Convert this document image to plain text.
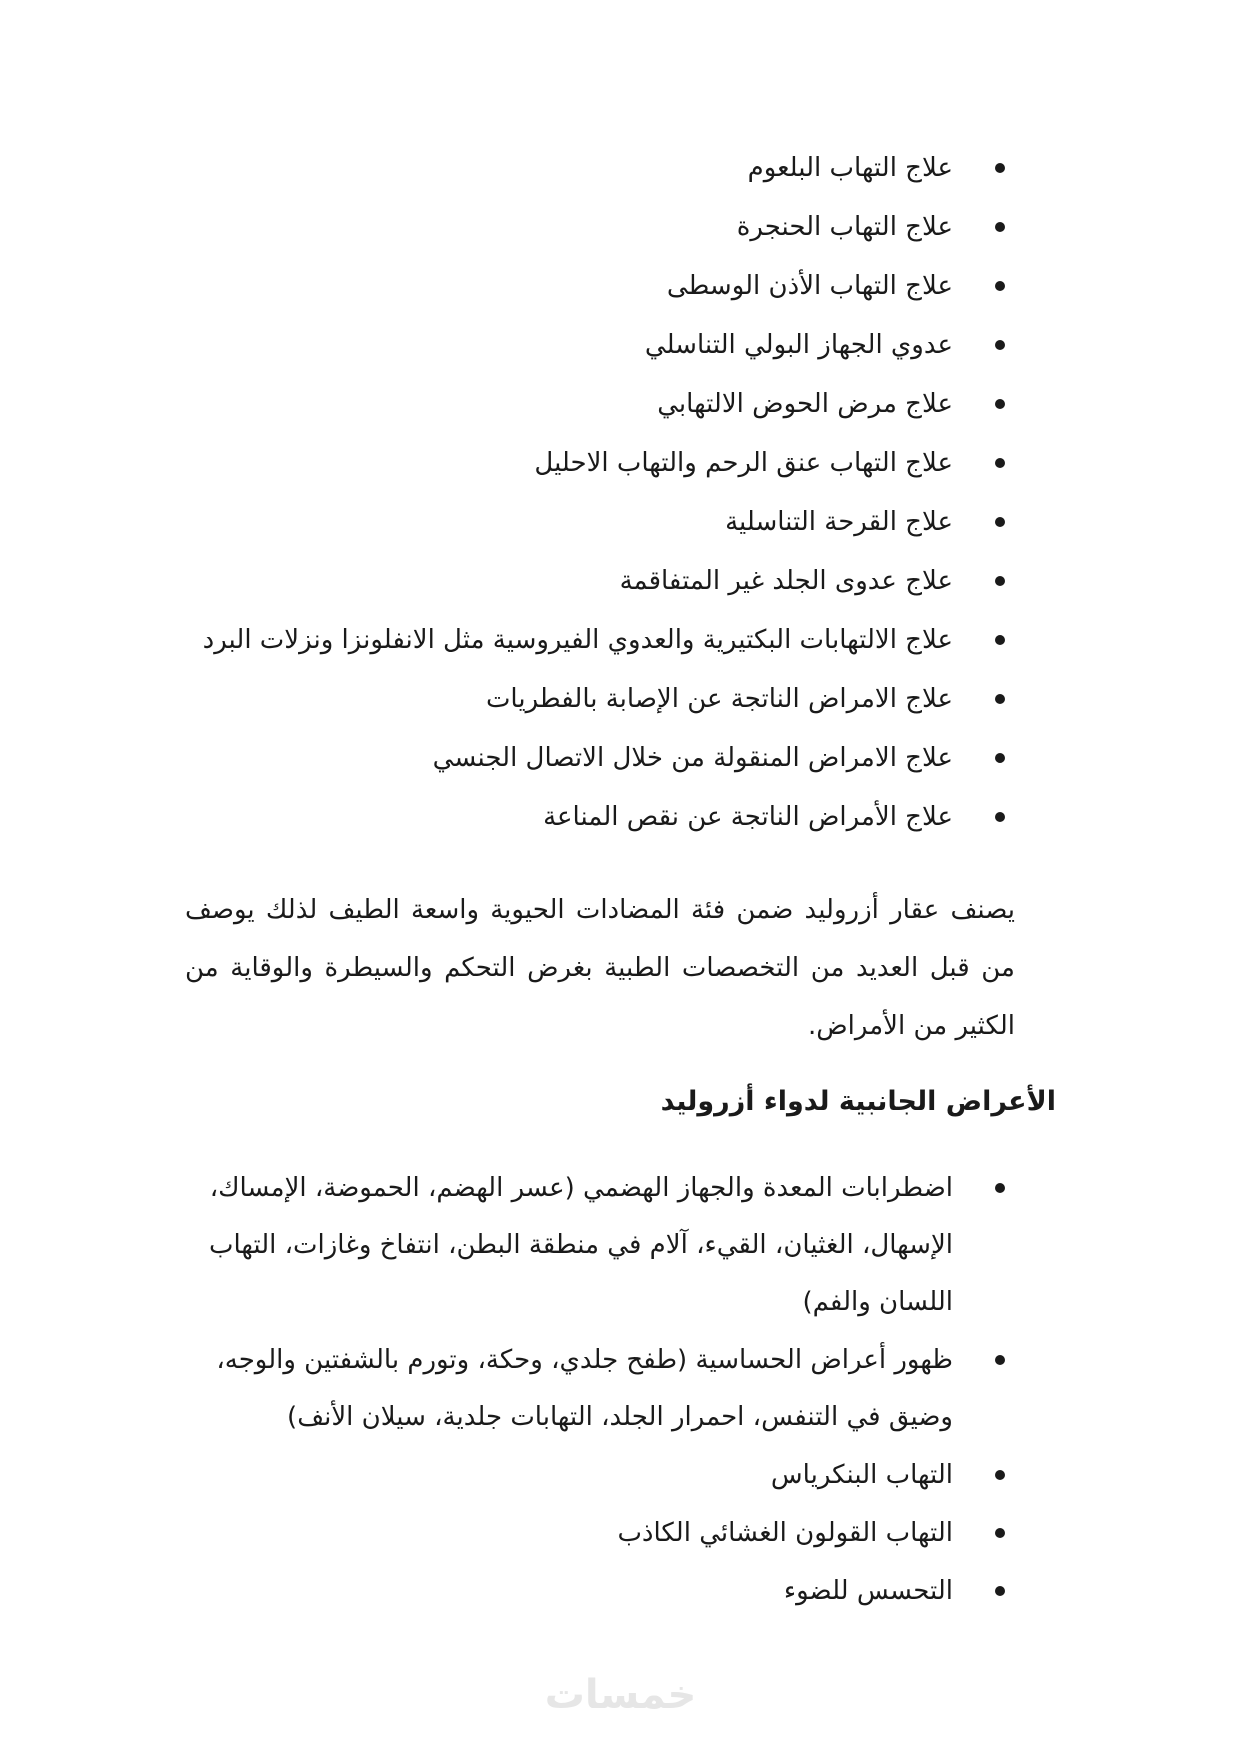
علاج التهاب البلعوم
علاج التهاب الحنجرة
علاج التهاب الأذن الوسطى
عدوي الجهاز البولي التناسلي
علاج مرض الحوض الالتهابي
علاج التهاب عنق الرحم والتهاب الاحليل
علاج القرحة التناسلية
علاج عدوى الجلد غير المتفاقمة
علاج الالتهابات البكتيرية والعدوي الفيروسية مثل الانفلونزا ونزلات البرد
علاج الامراض الناتجة عن الإصابة بالفطريات
علاج الامراض المنقولة من خلال الاتصال الجنسي
علاج الأمراض الناتجة عن نقص المناعة

يصنف عقار أزروليد ضمن فئة المضادات الحيوية واسعة الطيف لذلك يوصف من قبل العديد من التخصصات الطبية بغرض التحكم والسيطرة والوقاية من الكثير من الأمراض.

الأعراض الجانبية لدواء أزروليد
اضطرابات المعدة والجهاز الهضمي (عسر الهضم، الحموضة، الإمساك، الإسهال، الغثيان، القيء، آلام في منطقة البطن، انتفاخ وغازات، التهاب اللسان والفم)
ظهور أعراض الحساسية (طفح جلدي، وحكة، وتورم بالشفتين والوجه، وضيق في التنفس، احمرار الجلد، التهابات جلدية، سيلان الأنف)
التهاب البنكرياس
التهاب القولون الغشائي الكاذب
التحسس للضوء
خمسات
